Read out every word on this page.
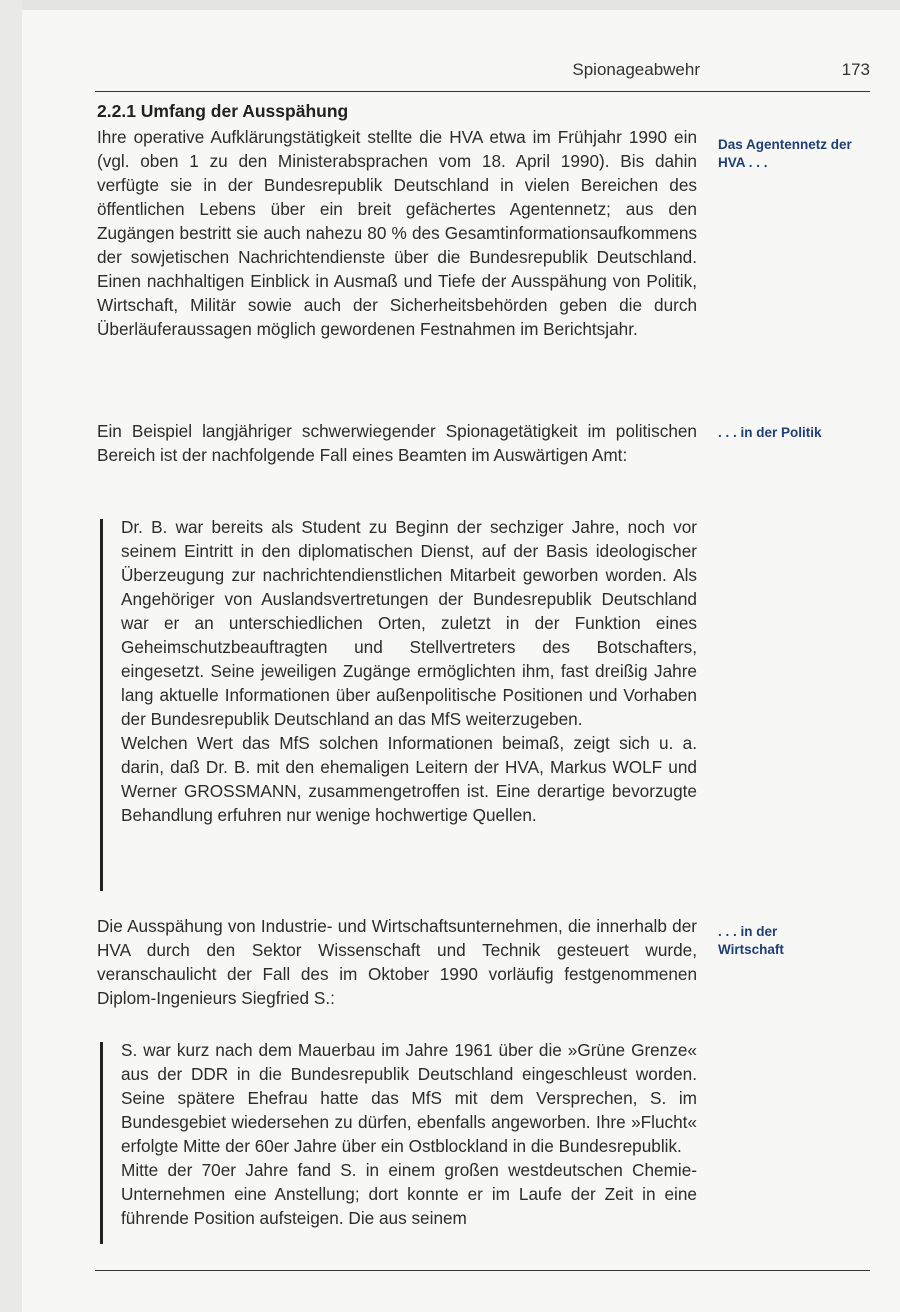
Spionageabwehr	173
2.2.1 Umfang der Ausspähung
Ihre operative Aufklärungstätigkeit stellte die HVA etwa im Frühjahr 1990 ein (vgl. oben 1 zu den Ministerabsprachen vom 18. April 1990). Bis dahin verfügte sie in der Bundesrepublik Deutschland in vielen Bereichen des öffentlichen Lebens über ein breit gefächertes Agentennetz; aus den Zugängen bestritt sie auch nahezu 80 % des Gesamtinformationsaufkommens der sowjetischen Nachrichtendienste über die Bundesrepublik Deutschland. Einen nachhaltigen Einblick in Ausmaß und Tiefe der Ausspähung von Politik, Wirtschaft, Militär sowie auch der Sicherheitsbehörden geben die durch Überläuferaussagen möglich gewordenen Festnahmen im Berichtsjahr.
Das Agentennetz der HVA . . .
Ein Beispiel langjähriger schwerwiegender Spionagetätigkeit im politischen Bereich ist der nachfolgende Fall eines Beamten im Auswärtigen Amt:
. . . in der Politik

Dr. B. war bereits als Student zu Beginn der sechziger Jahre, noch vor seinem Eintritt in den diplomatischen Dienst, auf der Basis ideologischer Überzeugung zur nachrichtendienstlichen Mitarbeit geworben worden. Als Angehöriger von Auslandsvertretungen der Bundesrepublik Deutschland war er an unterschiedlichen Orten, zuletzt in der Funktion eines Geheimschutzbeauftragten und Stellvertreters des Botschafters, eingesetzt. Seine jeweiligen Zugänge ermöglichten ihm, fast dreißig Jahre lang aktuelle Informationen über außenpolitische Positionen und Vorhaben der Bundesrepublik Deutschland an das MfS weiterzugeben.

Welchen Wert das MfS solchen Informationen beimaß, zeigt sich u. a. darin, daß Dr. B. mit den ehemaligen Leitern der HVA, Markus WOLF und Werner GROSSMANN, zusammengetroffen ist. Eine derartige bevorzugte Behandlung erfuhren nur wenige hochwertige Quellen.

Die Ausspähung von Industrie- und Wirtschaftsunternehmen, die innerhalb der HVA durch den Sektor Wissenschaft und Technik gesteuert wurde, veranschaulicht der Fall des im Oktober 1990 vorläufig festgenommenen Diplom-Ingenieurs Siegfried S.:
. . . in der Wirtschaft

S. war kurz nach dem Mauerbau im Jahre 1961 über die »Grüne Grenze« aus der DDR in die Bundesrepublik Deutschland eingeschleust worden. Seine spätere Ehefrau hatte das MfS mit dem Versprechen, S. im Bundesgebiet wiedersehen zu dürfen, ebenfalls angeworben. Ihre »Flucht« erfolgte Mitte der 60er Jahre über ein Ostblockland in die Bundesrepublik.

Mitte der 70er Jahre fand S. in einem großen westdeutschen Chemie-Unternehmen eine Anstellung; dort konnte er im Laufe der Zeit in eine führende Position aufsteigen. Die aus seinem
